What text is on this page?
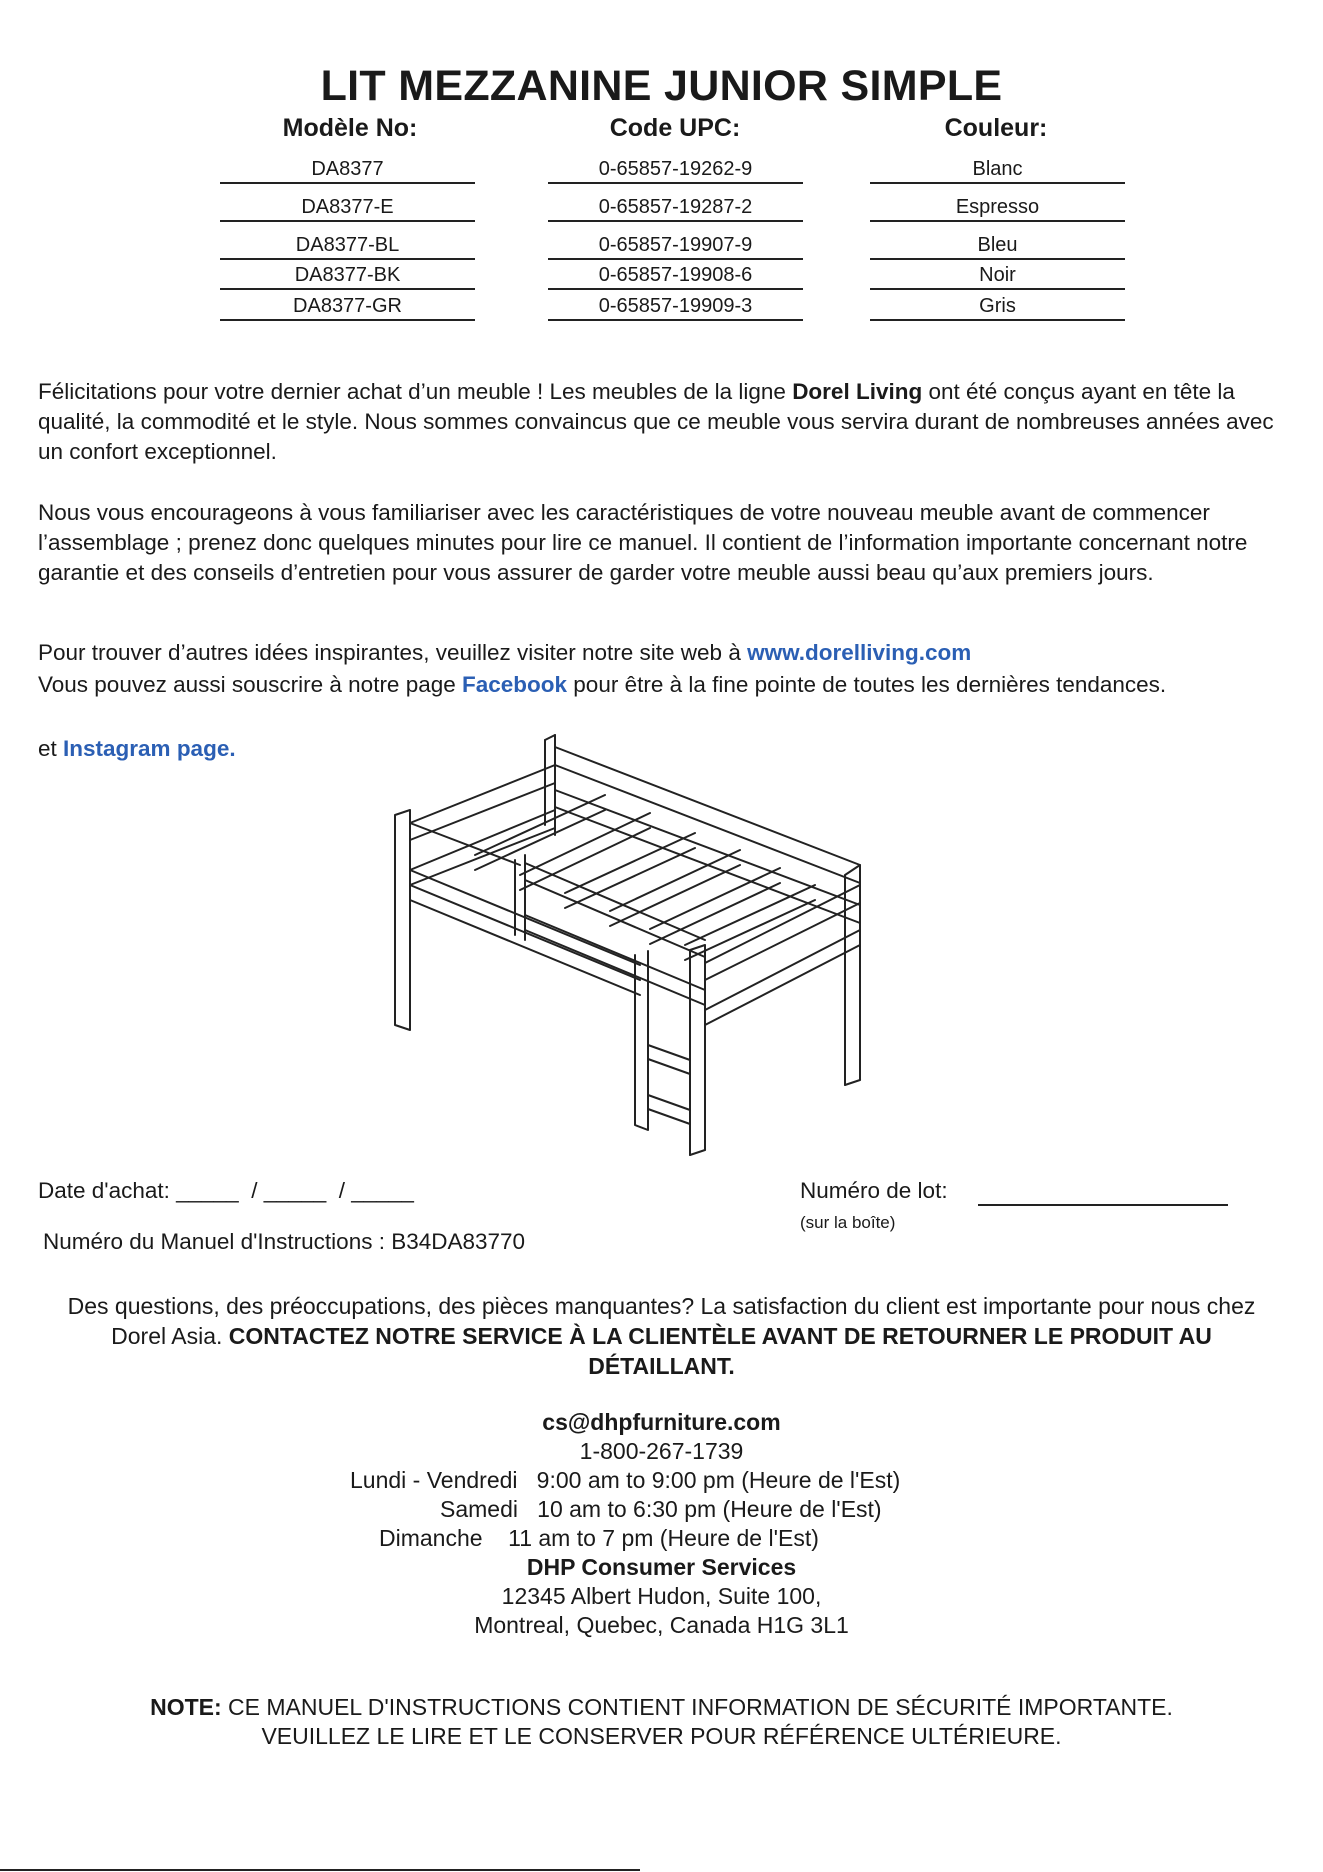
LIT MEZZANINE JUNIOR SIMPLE
Modèle No:	Code UPC:	Couleur:
DA8377	0-65857-19262-9	Blanc
DA8377-E	0-65857-19287-2	Espresso
DA8377-BL	0-65857-19907-9	Bleu
DA8377-BK	0-65857-19908-6	Noir
DA8377-GR	0-65857-19909-3	Gris
Félicitations pour votre dernier achat d’un meuble ! Les meubles de la ligne Dorel Living ont été conçus ayant en tête la qualité, la commodité et le style. Nous sommes convaincus que ce meuble vous servira durant de nombreuses années avec un confort exceptionnel.
Nous vous encourageons à vous familiariser avec les caractéristiques de votre nouveau meuble avant de commencer l’assemblage ; prenez donc quelques minutes pour lire ce manuel. Il contient de l’information importante concernant notre garantie et des conseils d’entretien pour vous assurer de garder votre meuble aussi beau qu’aux premiers jours.
Pour trouver d’autres idées inspirantes, veuillez visiter notre site web à www.dorelliving.com
Vous pouvez aussi souscrire à notre page Facebook pour être à la fine pointe de toutes les dernières tendances.
et Instagram page.
Date d'achat: _____  / _____  / _____	Numéro de lot:
(sur la boîte)
Numéro du Manuel d'Instructions : B34DA83770
Des questions, des préoccupations, des pièces manquantes? La satisfaction du client est importante pour nous chez Dorel Asia. CONTACTEZ NOTRE SERVICE À LA CLIENTÈLE AVANT DE RETOURNER LE PRODUIT AU DÉTAILLANT.
cs@dhpfurniture.com
1-800-267-1739
Lundi - Vendredi   9:00 am to 9:00 pm (Heure de l'Est)
Samedi   10 am to 6:30 pm (Heure de l'Est)
Dimanche    11 am to 7 pm (Heure de l'Est)
DHP Consumer Services
12345 Albert Hudon, Suite 100,
Montreal, Quebec, Canada H1G 3L1
NOTE: CE MANUEL D'INSTRUCTIONS CONTIENT INFORMATION DE SÉCURITÉ IMPORTANTE.
VEUILLEZ LE LIRE ET LE CONSERVER POUR RÉFÉRENCE ULTÉRIEURE.
